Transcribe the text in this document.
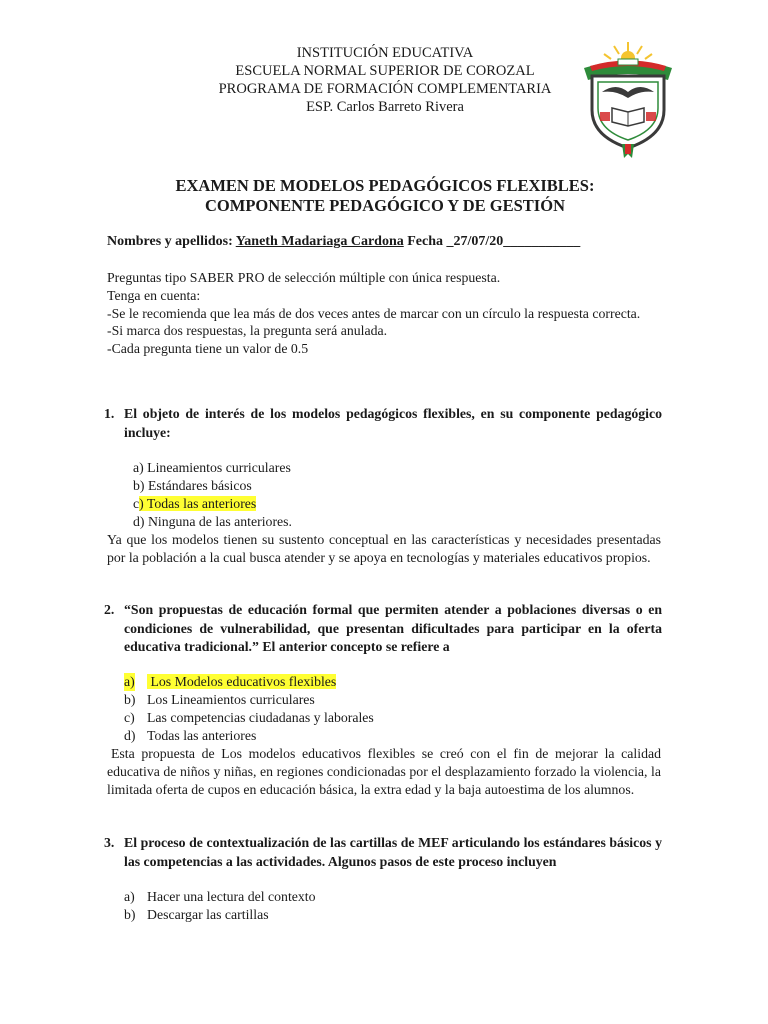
INSTITUCIÓN EDUCATIVA
ESCUELA NORMAL SUPERIOR DE COROZAL
PROGRAMA DE FORMACIÓN COMPLEMENTARIA
ESP. Carlos Barreto Rivera
EXAMEN DE MODELOS PEDAGÓGICOS FLEXIBLES:
COMPONENTE PEDAGÓGICO Y DE GESTIÓN
Nombres y apellidos: Yaneth Madariaga Cardona Fecha _27/07/20___________

Preguntas tipo SABER PRO de selección múltiple con única respuesta.

Tenga en cuenta:

-Se le recomienda que lea más de dos veces antes de marcar con un círculo la respuesta correcta.

-Si marca dos respuestas, la pregunta será anulada.

-Cada pregunta tiene un valor de 0.5

1. El objeto de interés de los modelos pedagógicos flexibles, en su componente pedagógico incluye:
a) Lineamientos curriculares
b) Estándares básicos
c) Todas las anteriores
d) Ninguna de las anteriores.
Ya que los modelos tienen su sustento conceptual en las características y necesidades presentadas por la población a la cual busca atender y se apoya en tecnologías y materiales educativos propios.
2. “Son propuestas de educación formal que permiten atender a poblaciones diversas o en condiciones de vulnerabilidad, que presentan dificultades para participar en la oferta educativa tradicional.” El anterior concepto se refiere a
a) Los Modelos educativos flexibles
b) Los Lineamientos curriculares
c) Las competencias ciudadanas y laborales
d) Todas las anteriores
Esta propuesta de Los modelos educativos flexibles se creó con el fin de mejorar la calidad educativa de niños y niñas, en regiones condicionadas por el desplazamiento forzado la violencia, la limitada oferta de cupos en educación básica, la extra edad y la baja autoestima de los alumnos.
3. El proceso de contextualización de las cartillas de MEF articulando los estándares básicos y las competencias a las actividades. Algunos pasos de este proceso incluyen
a) Hacer una lectura del contexto
b) Descargar las cartillas
